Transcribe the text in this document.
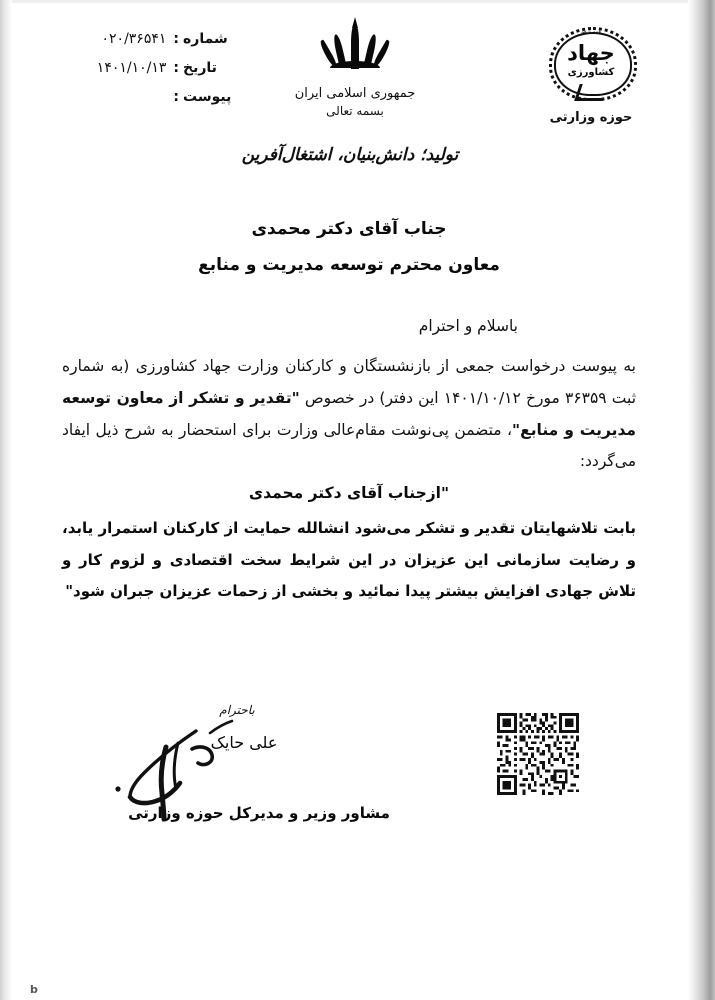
همه با هم
جهاد
کشاورزی
حوزه وزارتی
جمهوری اسلامی ایران
بسمه تعالی
شماره
:
۰۲۰/۳۶۵۴۱
تاریخ
:
۱۴۰۱/۱۰/۱۳
پیوست
:
تولید؛ دانش‌بنیان، اشتغال‌آفرین
جناب آقای دکتر محمدی
معاون محترم توسعه مدیریت و منابع
باسلام و احترام
به پیوست درخواست جمعی از بازنشستگان و کارکنان وزارت جهاد کشاورزی (به شماره ثبت ۳۶۳۵۹ مورخ ۱۴۰۱/۱۰/۱۲ این دفتر) در خصوص "تقدیر و تشکر از معاون توسعه مدیریت و منابع"، متضمن پی‌نوشت مقام‌عالی وزارت برای استحضار به شرح ذیل ایفاد می‌گردد:
"ازجناب آقای دکتر محمدی
بابت تلاشهایتان تقدیر و تشکر می‌شود انشالله حمایت از کارکنان استمرار یابد، و رضایت سازمانی این عزیزان در این شرایط سخت اقتصادی و لزوم کار و تلاش جهادی افزایش بیشتر پیدا نمائید و بخشی از زحمات عزیزان جبران شود"
باحترام
علی حایک
مشاور وزیر و مدیرکل حوزه وزارتی
b
